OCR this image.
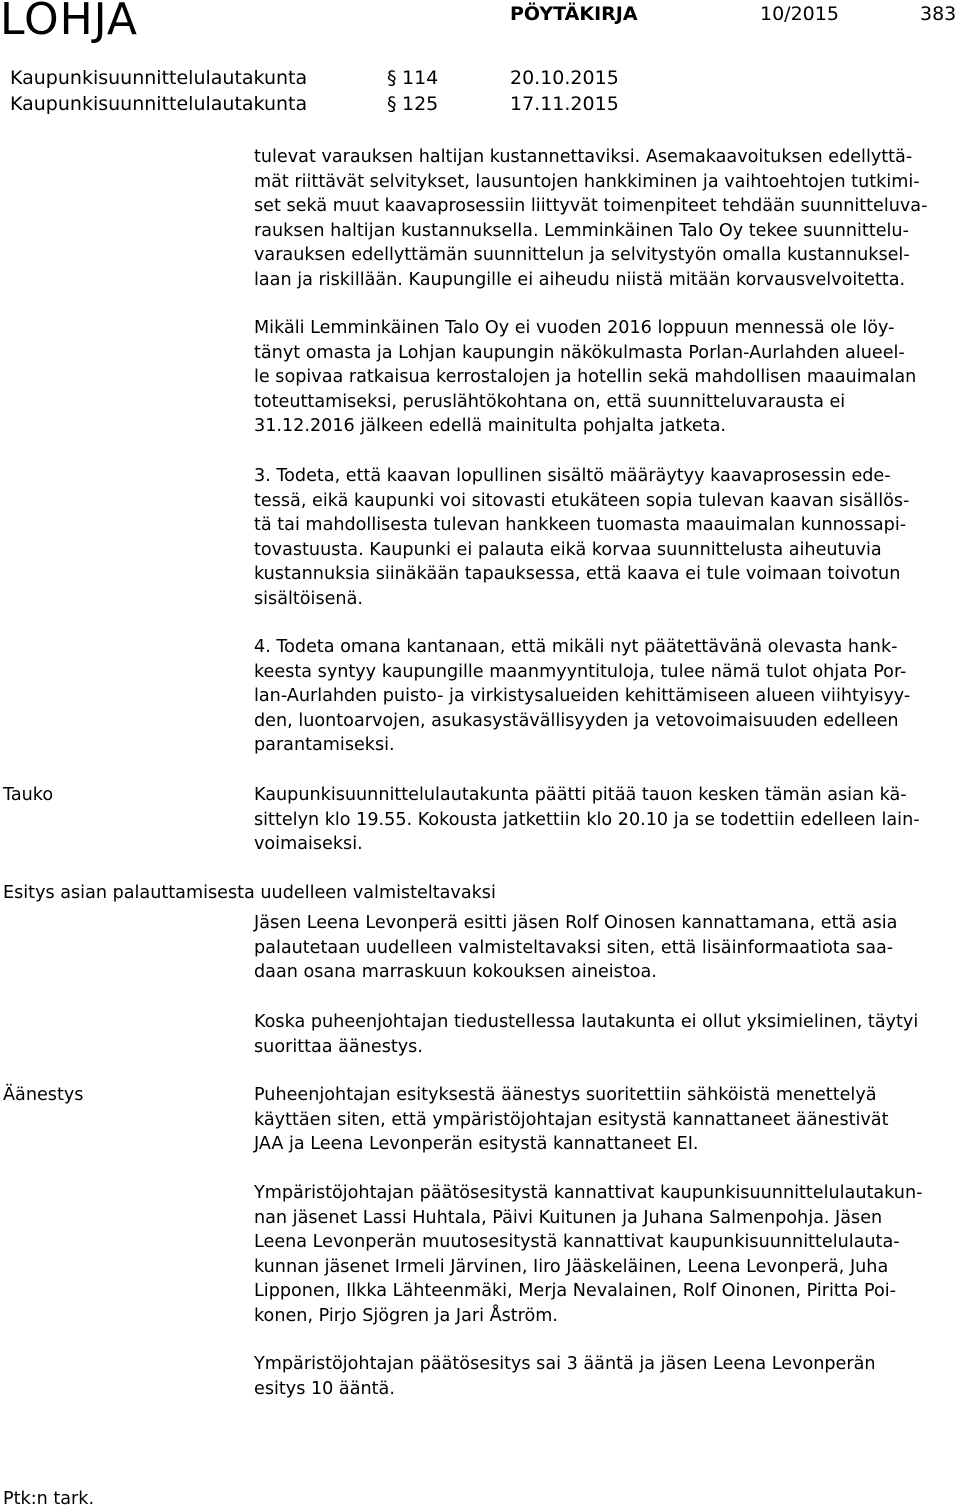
LOHJA	PÖYTÄKIRJA	10/2015	383
Kaupunkisuunnittelulautakunta	§ 114	20.10.2015
Kaupunkisuunnittelulautakunta	§ 125	17.11.2015

tulevat varauksen haltijan kustannettaviksi. Asemakaavoituksen edellyttä-

mät riittävät selvitykset, lausuntojen hankkiminen ja vaihtoehtojen tutkimi-

set sekä muut kaavaprosessiin liittyvät toimenpiteet tehdään suunnitteluva-

rauksen haltijan kustannuksella. Lemminkäinen Talo Oy tekee suunnittelu-

varauksen edellyttämän suunnittelun ja selvitystyön omalla kustannuksel-

laan ja riskillään. Kaupungille ei aiheudu niistä mitään korvausvelvoitetta.

Mikäli Lemminkäinen Talo Oy ei vuoden 2016 loppuun mennessä ole löy-

tänyt omasta ja Lohjan kaupungin näkökulmasta Porlan-Aurlahden alueel-

le sopivaa ratkaisua kerrostalojen ja hotellin sekä mahdollisen maauimalan

toteuttamiseksi, peruslähtökohtana on, että suunnitteluvarausta ei

31.12.2016 jälkeen edellä mainitulta pohjalta jatketa.

3. Todeta, että kaavan lopullinen sisältö määräytyy kaavaprosessin ede-

tessä, eikä kaupunki voi sitovasti etukäteen sopia tulevan kaavan sisällös-

tä tai mahdollisesta tulevan hankkeen tuomasta maauimalan kunnossapi-

tovastuusta. Kaupunki ei palauta eikä korvaa suunnittelusta aiheutuvia

kustannuksia siinäkään tapauksessa, että kaava ei tule voimaan toivotun

sisältöisenä.

4. Todeta omana kantanaan, että mikäli nyt päätettävänä olevasta hank-

keesta syntyy kaupungille maanmyyntituloja, tulee nämä tulot ohjata Por-

lan-Aurlahden puisto- ja virkistysalueiden kehittämiseen alueen viihtyisyy-

den, luontoarvojen, asukasystävällisyyden ja vetovoimaisuuden edelleen

parantamiseksi.

Tauko	Kaupunkisuunnittelulautakunta päätti pitää tauon kesken tämän asian kä-

sittelyn klo 19.55. Kokousta jatkettiin klo 20.10 ja se todettiin edelleen lain-

voimaiseksi.

Esitys asian palauttamisesta uudelleen valmisteltavaksi

Jäsen Leena Levonperä esitti jäsen Rolf Oinosen kannattamana, että asia

palautetaan uudelleen valmisteltavaksi siten, että lisäinformaatiota saa-

daan osana marraskuun kokouksen aineistoa.

Koska puheenjohtajan tiedustellessa lautakunta ei ollut yksimielinen, täytyi

suorittaa äänestys.

Äänestys	Puheenjohtajan esityksestä äänestys suoritettiin sähköistä menettelyä

käyttäen siten, että ympäristöjohtajan esitystä kannattaneet äänestivät

JAA ja Leena Levonperän esitystä kannattaneet EI.

Ympäristöjohtajan päätösesitystä kannattivat kaupunkisuunnittelulautakun-

nan jäsenet Lassi Huhtala, Päivi Kuitunen ja Juhana Salmenpohja. Jäsen

Leena Levonperän muutosesitystä kannattivat kaupunkisuunnittelulauta-

kunnan jäsenet Irmeli Järvinen, Iiro Jääskeläinen, Leena Levonperä, Juha

Lipponen, Ilkka Lähteenmäki, Merja Nevalainen, Rolf Oinonen, Piritta Poi-

konen, Pirjo Sjögren ja Jari Åström.

Ympäristöjohtajan päätösesitys sai 3 ääntä ja jäsen Leena Levonperän

esitys 10 ääntä.

Ptk:n tark.
